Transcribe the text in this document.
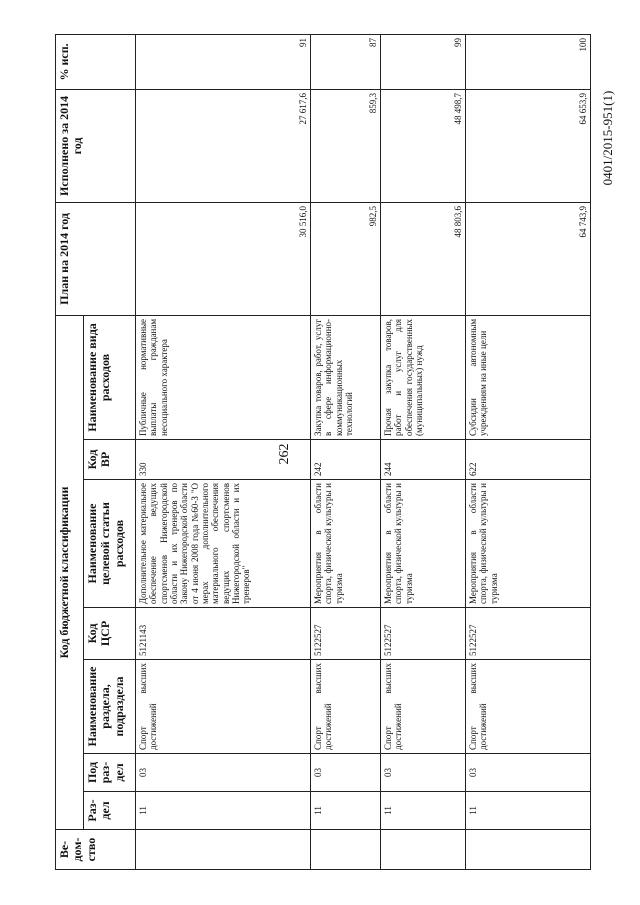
262
0401/2015-951(1)
Ве-дом-ство	Код бюджетной классификации							План на 2014 год	Исполнено за 2014 год	% исп.
	Раз-дел	Под раз-дел	Наименование раздела, подраздела	Код ЦСР	Наименование целевой статьи расходов	Код ВР	Наименование вида расходов			
	11	03	Спорт высших достижений	5121143	Дополнительное материальное обеспечение ведущих спортсменов Нижегородской области и их тренеров по Закону Нижегородской области от 4 июня 2008 года №60-З "О мерах дополнительного материального обеспечения ведущих спортсменов Нижегородской области и их тренеров"	330	Публичные нормативные выплаты гражданам несоциального характера	30 516,0	27 617,6	91
	11	03	Спорт высших достижений	5122527	Мероприятия в области спорта, физической культуры и туризма	242	Закупка товаров, работ, услуг в сфере информационно-коммуникационных технологий	982,5	859,3	87
	11	03	Спорт высших достижений	5122527	Мероприятия в области спорта, физической культуры и туризма	244	Прочая закупка товаров, работ и услуг для обеспечения государственных (муниципальных) нужд	48 803,6	48 498,7	99
	11	03	Спорт высших достижений	5122527	Мероприятия в области спорта, физической культуры и туризма	622	Субсидии автономным учреждениям на иные цели	64 743,9	64 653,9	100
